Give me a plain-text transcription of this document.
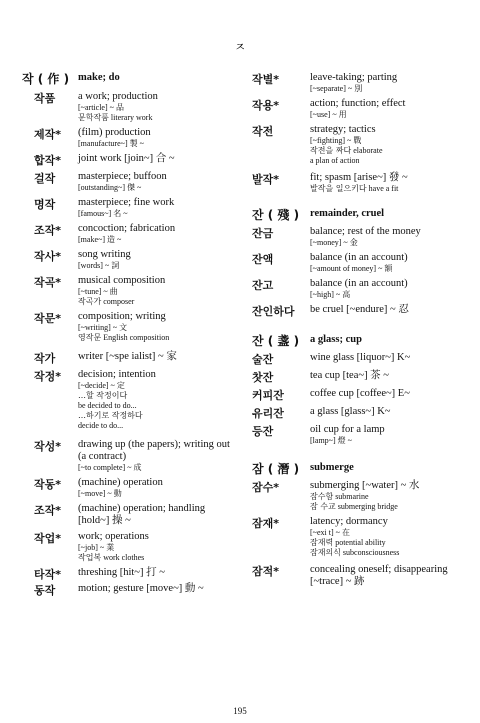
ㅈ
작 ( 作 ) make; do
작품	a work; production
[~article] ~ 品
문학작품 literary work
제작*	(film) production
[manufacture~] 製 ~
합작*	joint work [join~] 合 ~
걸작	masterpiece; buffoon
[outstanding~] 傑 ~
명작	masterpiece; fine work
[famous~] 名 ~
조작*	concoction; fabrication
[make~] 造 ~
작사*	song writing
[words] ~ 詞
작곡*	musical composition
[~tune] ~ 曲
작곡가 composer
작문*	composition; writing
[~writing] ~ 文
영작문 English composition
작가	writer [~spe ialist] ~ 家
작정*	decision; intention
[~decide] ~ 定
…할 작정이다
be decided to do...
…하기로 작정하다
decide to do...
작성*	drawing up (the papers); writing out (a contract)
[~to complete] ~ 成
작동*	(machine) operation
[~move] ~ 動
조작*	(machine) operation; handling [hold~] 操 ~
작업*	work; operations
[~job] ~ 業
작업복 work clothes
타작*	threshing [hit~] 打 ~
동작	motion; gesture [move~] 動 ~
작별*	leave-taking; parting
[~separate] ~ 別
작용*	action; function; effect
[~use] ~ 用
작전	strategy; tactics
[~fighting] ~ 戰
작전을 짜다 elaborate
a plan of action
발작*	fit; spasm [arise~] 發 ~
발작을 일으키다 have a fit
잔 ( 殘 )	remainder, cruel
잔금	balance; rest of the money
[~money] ~ 金
잔액	balance (in an account)
[~amount of money] ~ 額
잔고	balance (in an account)
[~high] ~ 高
잔인하다	be cruel [~endure] ~ 忍
잔 ( 盞 )	a glass; cup
술잔	wine glass [liquor~] K~
찻잔	tea cup [tea~] 茶 ~
커피잔	coffee cup [coffee~] E~
유리잔	a glass [glass~] K~
등잔	oil cup for a lamp
[lamp~] 燈 ~
잠 ( 潛 )	submerge
잠수*	submerging [~water] ~ 水
잠수함 submarine
잠 수교 submerging bridge
잠재*	latency; dormancy
[~exi t] ~ 在
잠재력 potential ability
잠재의식 subconsciousness
잠적*	concealing oneself; disappearing [~trace] ~ 跡
195
